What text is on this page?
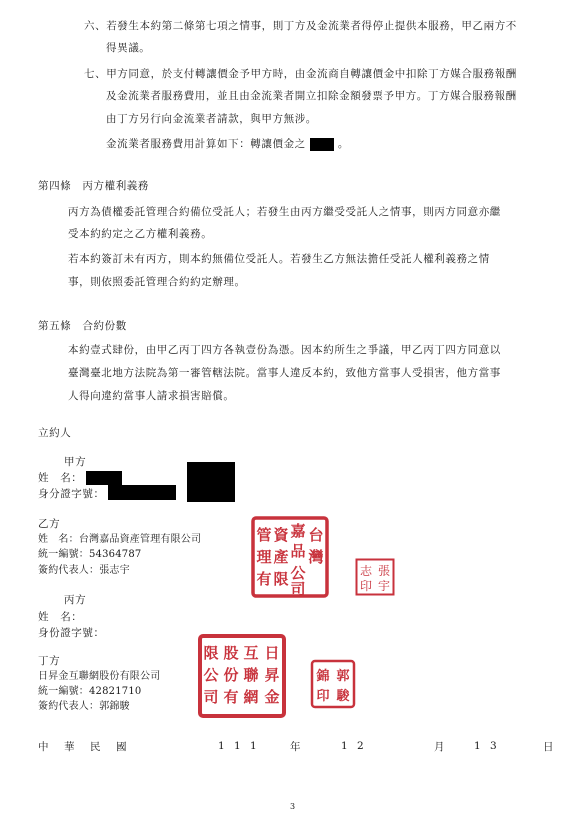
六、若發生本約第二條第七項之情事，則丁方及金流業者得停止提供本服務，甲乙兩方不
得異議。
七、甲方同意，於支付轉讓價金予甲方時，由金流商自轉讓價金中扣除丁方媒合服務報酬
及金流業者服務費用，並且由金流業者開立扣除金額發票予甲方。丁方媒合服務報酬
由丁方另行向金流業者請款，與甲方無涉。
金流業者服務費用計算如下：轉讓價金之	。
第四條　丙方權利義務
丙方為債權委託管理合約備位受託人；若發生由丙方繼受受託人之情事，則丙方同意亦繼
受本約約定之乙方權利義務。
若本約簽訂未有丙方，則本約無備位受託人。若發生乙方無法擔任受託人權利義務之情
事，則依照委託管理合約約定辦理。
第五條　合約份數
本約壹式肆份，由甲乙丙丁四方各執壹份為憑。因本約所生之爭議，甲乙丙丁四方同意以
臺灣臺北地方法院為第一審管轄法院。當事人違反本約，致他方當事人受損害，他方當事
人得向違約當事人請求損害賠償。
立約人
甲方
姓　名：
身分證字號：
乙方
姓　名：台灣嘉品資產管理有限公司
統一編號：54364787
簽約代表人：張志宇
台
灣
嘉
品
資
產
管
理
有 限 公
司
張
志
宇
印
丙方
姓　名：
身份證字號：
丁方
日昇金互聯網股份有限公司
統一編號：42821710
簽約代表人：郭錦駿
日
昇
金
互
聯
網
股
份
有
限
公
司
郭
錦
駿
印
中 華 民 國	1 1 1	年	1 2	月	1 3	日
3
